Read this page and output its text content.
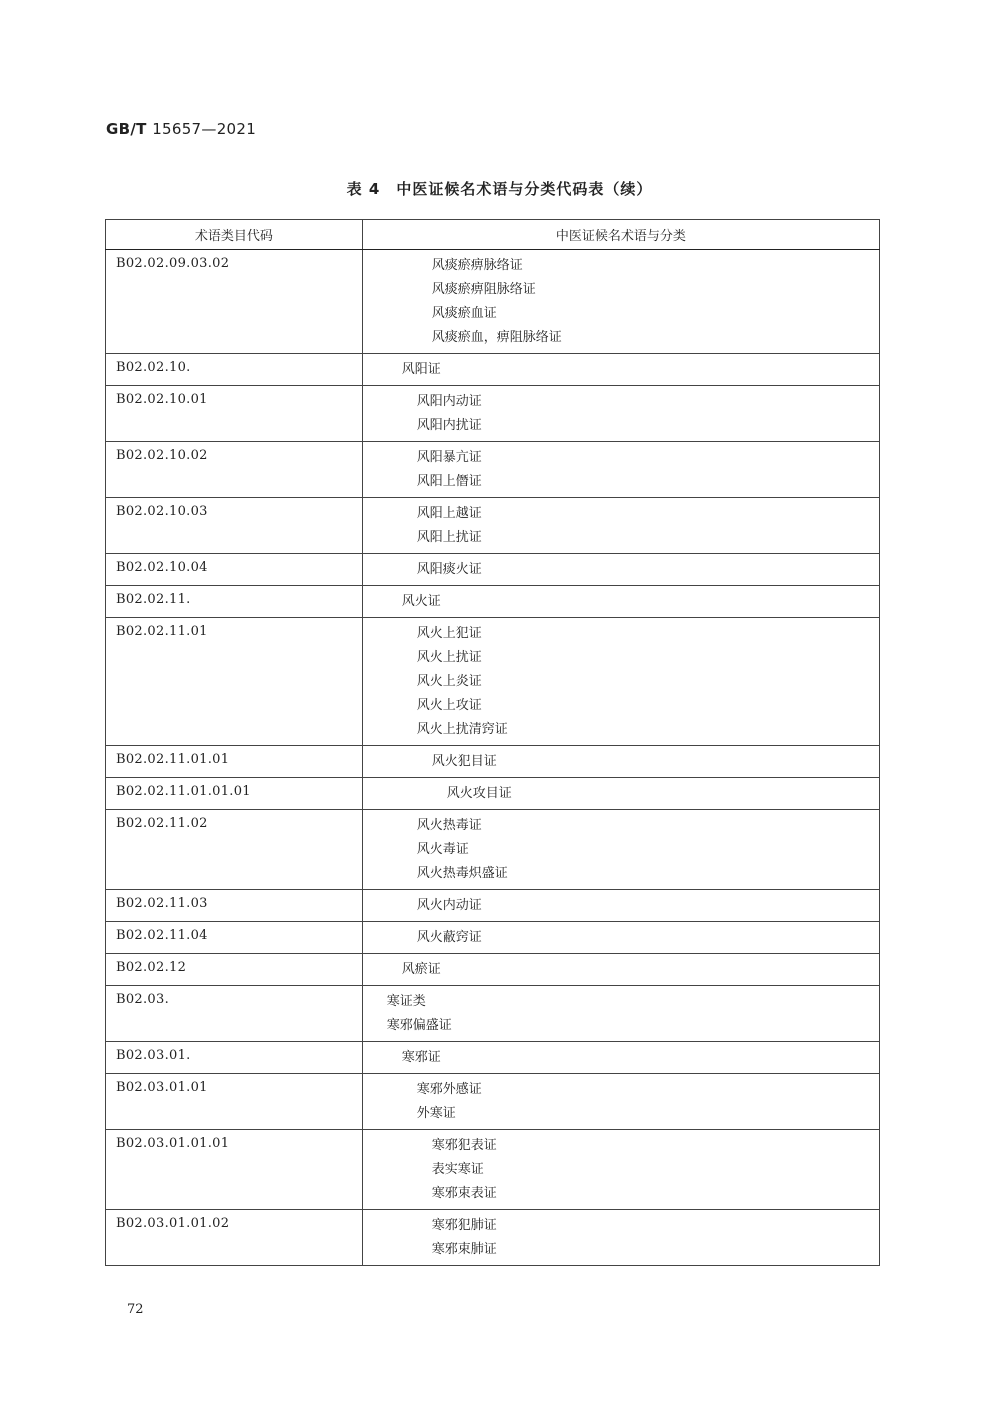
GB/T 15657—2021
表 4　中医证候名术语与分类代码表（续）
术语类目代码	中医证候名术语与分类
B02.02.09.03.02	风痰瘀痹脉络证
风痰瘀痹阻脉络证
风痰瘀血证
风痰瘀血，痹阻脉络证

B02.02.10.	风阳证

B02.02.10.01	风阳内动证
风阳内扰证

B02.02.10.02	风阳暴亢证
风阳上僭证

B02.02.10.03	风阳上越证
风阳上扰证

B02.02.10.04	风阳痰火证

B02.02.11.	风火证

B02.02.11.01	风火上犯证
风火上扰证
风火上炎证
风火上攻证
风火上扰清窍证

B02.02.11.01.01	风火犯目证

B02.02.11.01.01.01	风火攻目证

B02.02.11.02	风火热毒证
风火毒证
风火热毒炽盛证

B02.02.11.03	风火内动证

B02.02.11.04	风火蔽窍证

B02.02.12	风瘀证

B02.03.	寒证类
寒邪偏盛证

B02.03.01.	寒邪证

B02.03.01.01	寒邪外感证
外寒证

B02.03.01.01.01	寒邪犯表证
表实寒证
寒邪束表证

B02.03.01.01.02	寒邪犯肺证
寒邪束肺证
72
